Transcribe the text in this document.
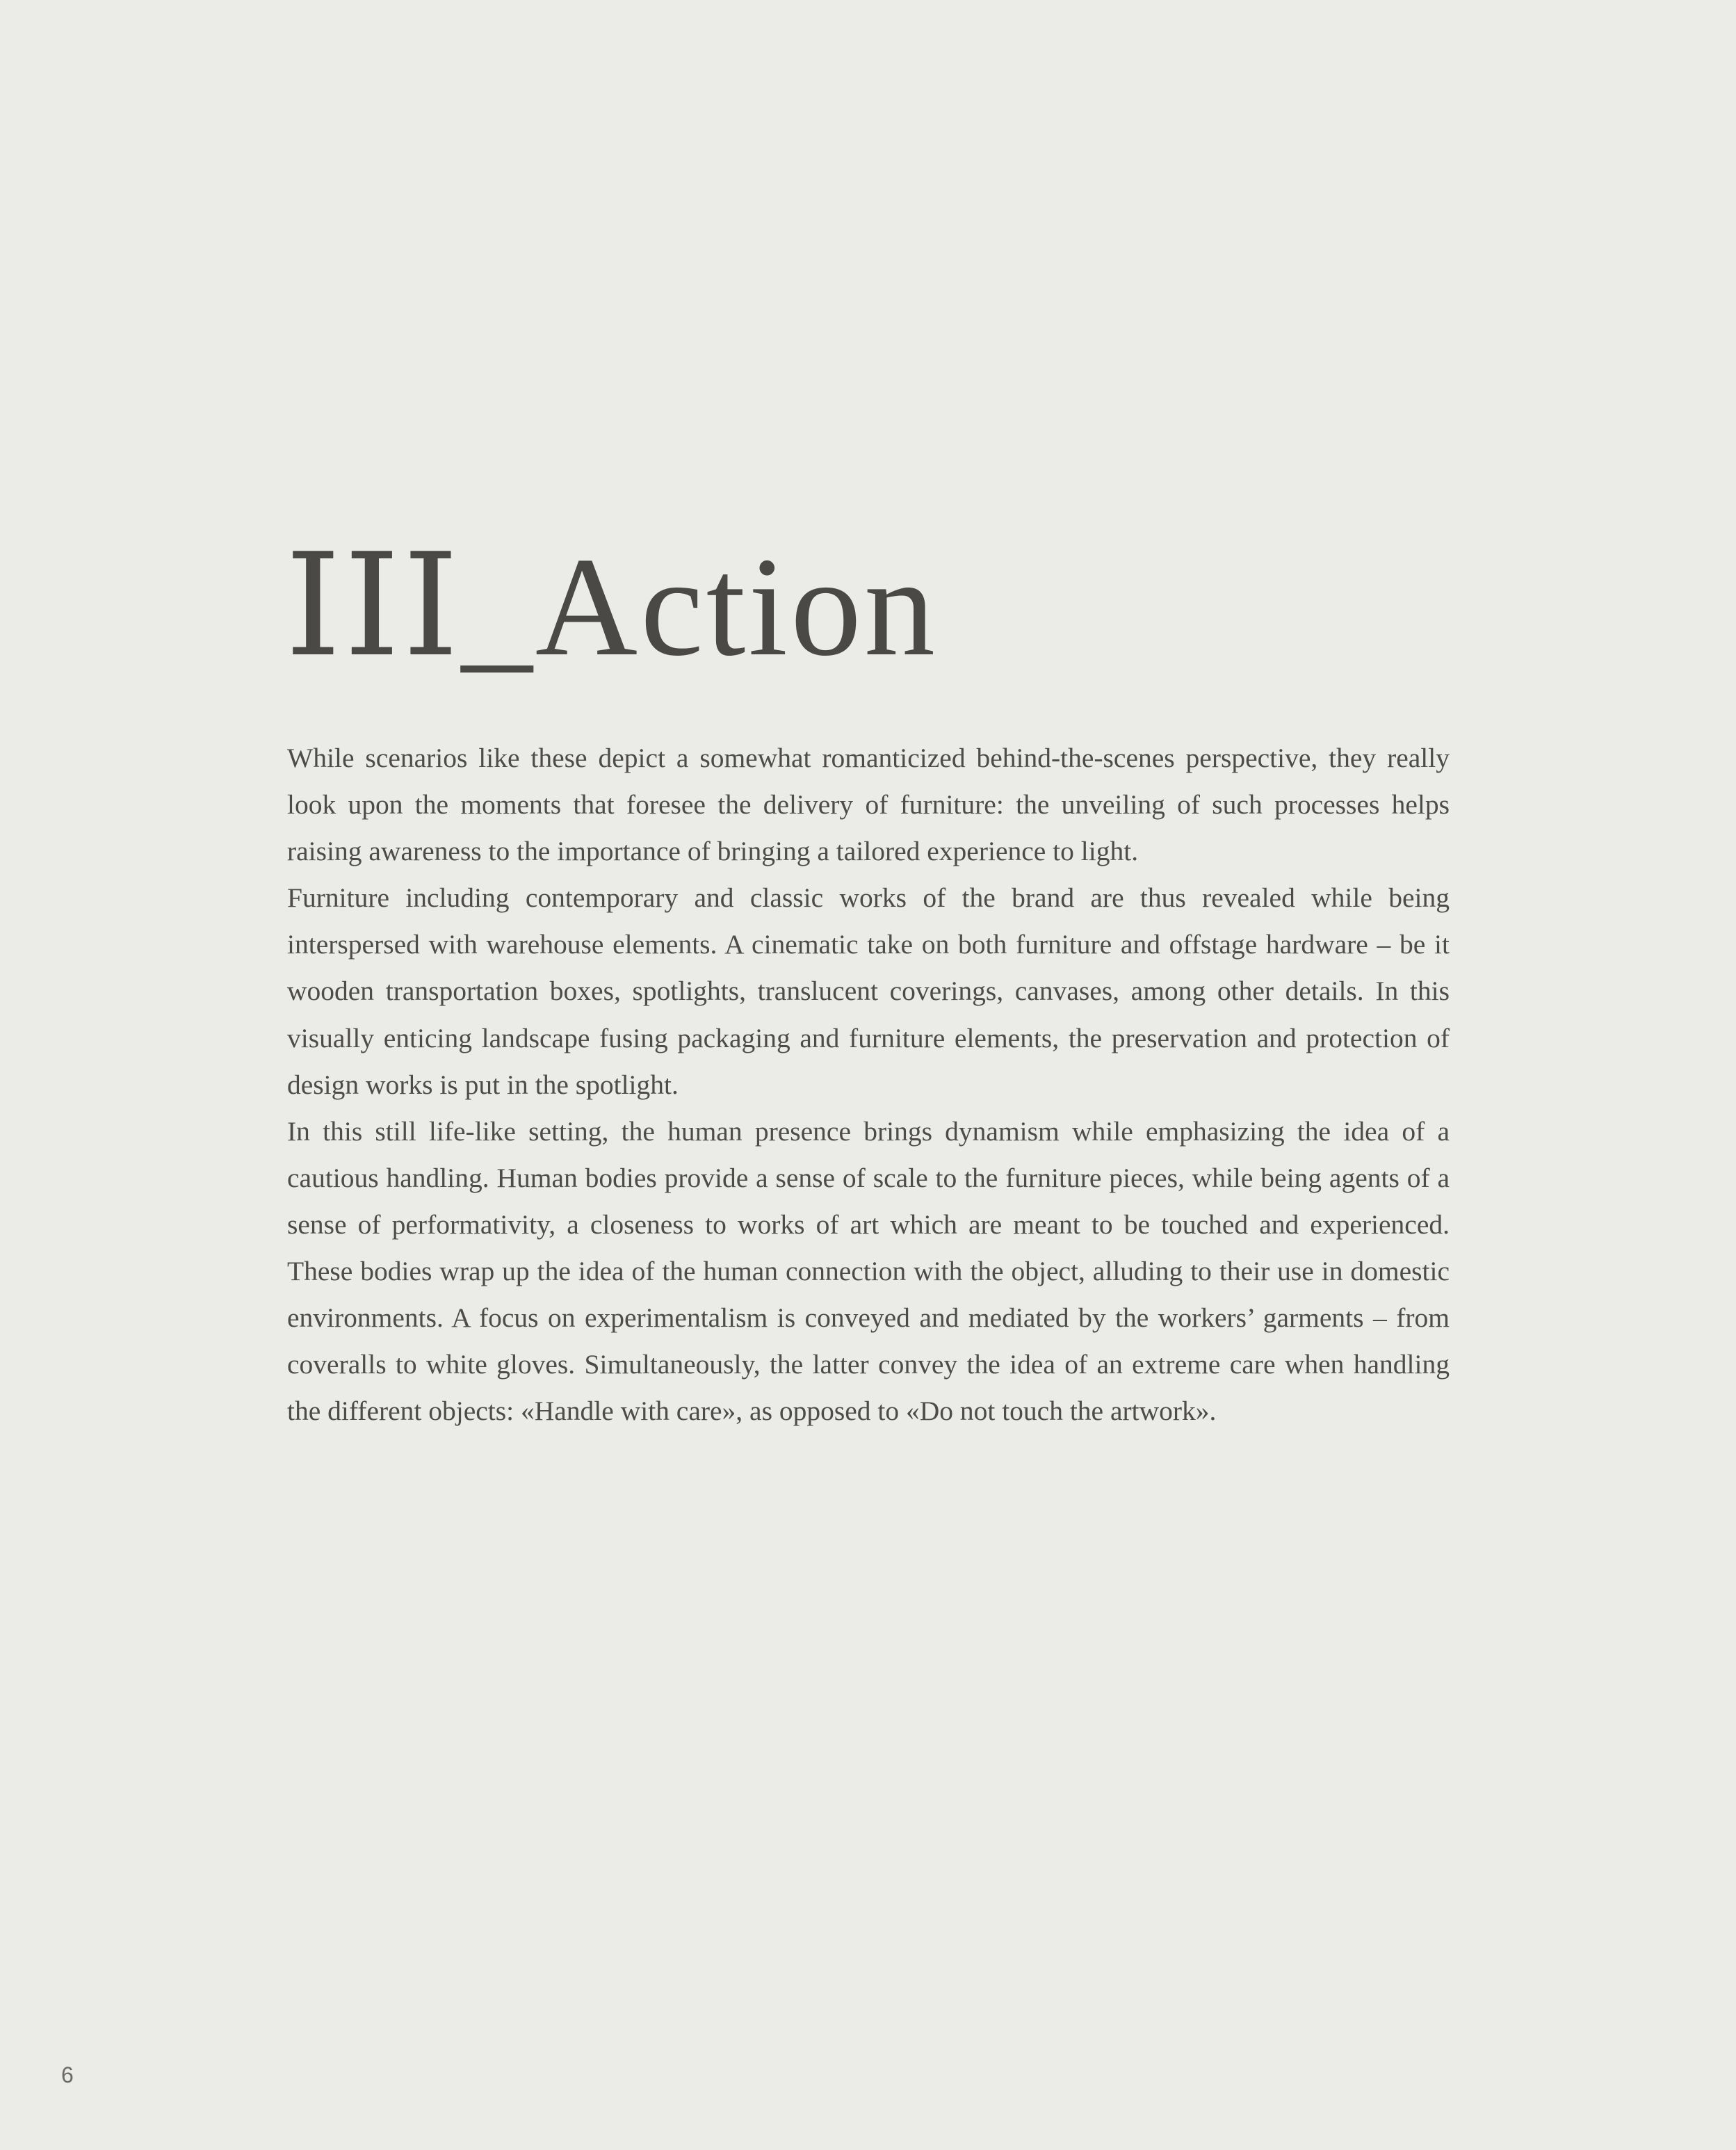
III_Action

While scenarios like these depict a somewhat romanticized behind-the-scenes perspective, they really look upon the moments that foresee the delivery of furniture: the unveiling of such processes helps raising awareness to the importance of bringing a tailored experience to light.

Furniture including contemporary and classic works of the brand are thus revealed while being interspersed with warehouse elements. A cinematic take on both furniture and offstage hardware – be it wooden transportation boxes, spotlights, translucent coverings, canvases, among other details. In this visually enticing landscape fusing packaging and furniture elements, the preservation and protection of design works is put in the spotlight.

In this still life-like setting, the human presence brings dynamism while emphasizing the idea of a cautious handling. Human bodies provide a sense of scale to the furniture pieces, while being agents of a sense of performativity, a closeness to works of art which are meant to be touched and experienced. These bodies wrap up the idea of the human connection with the object, alluding to their use in domestic environments. A focus on experimentalism is conveyed and mediated by the workers’ garments – from coveralls to white gloves. Simultaneously, the latter convey the idea of an extreme care when handling the different objects: «Handle with care», as opposed to «Do not touch the artwork».

6
